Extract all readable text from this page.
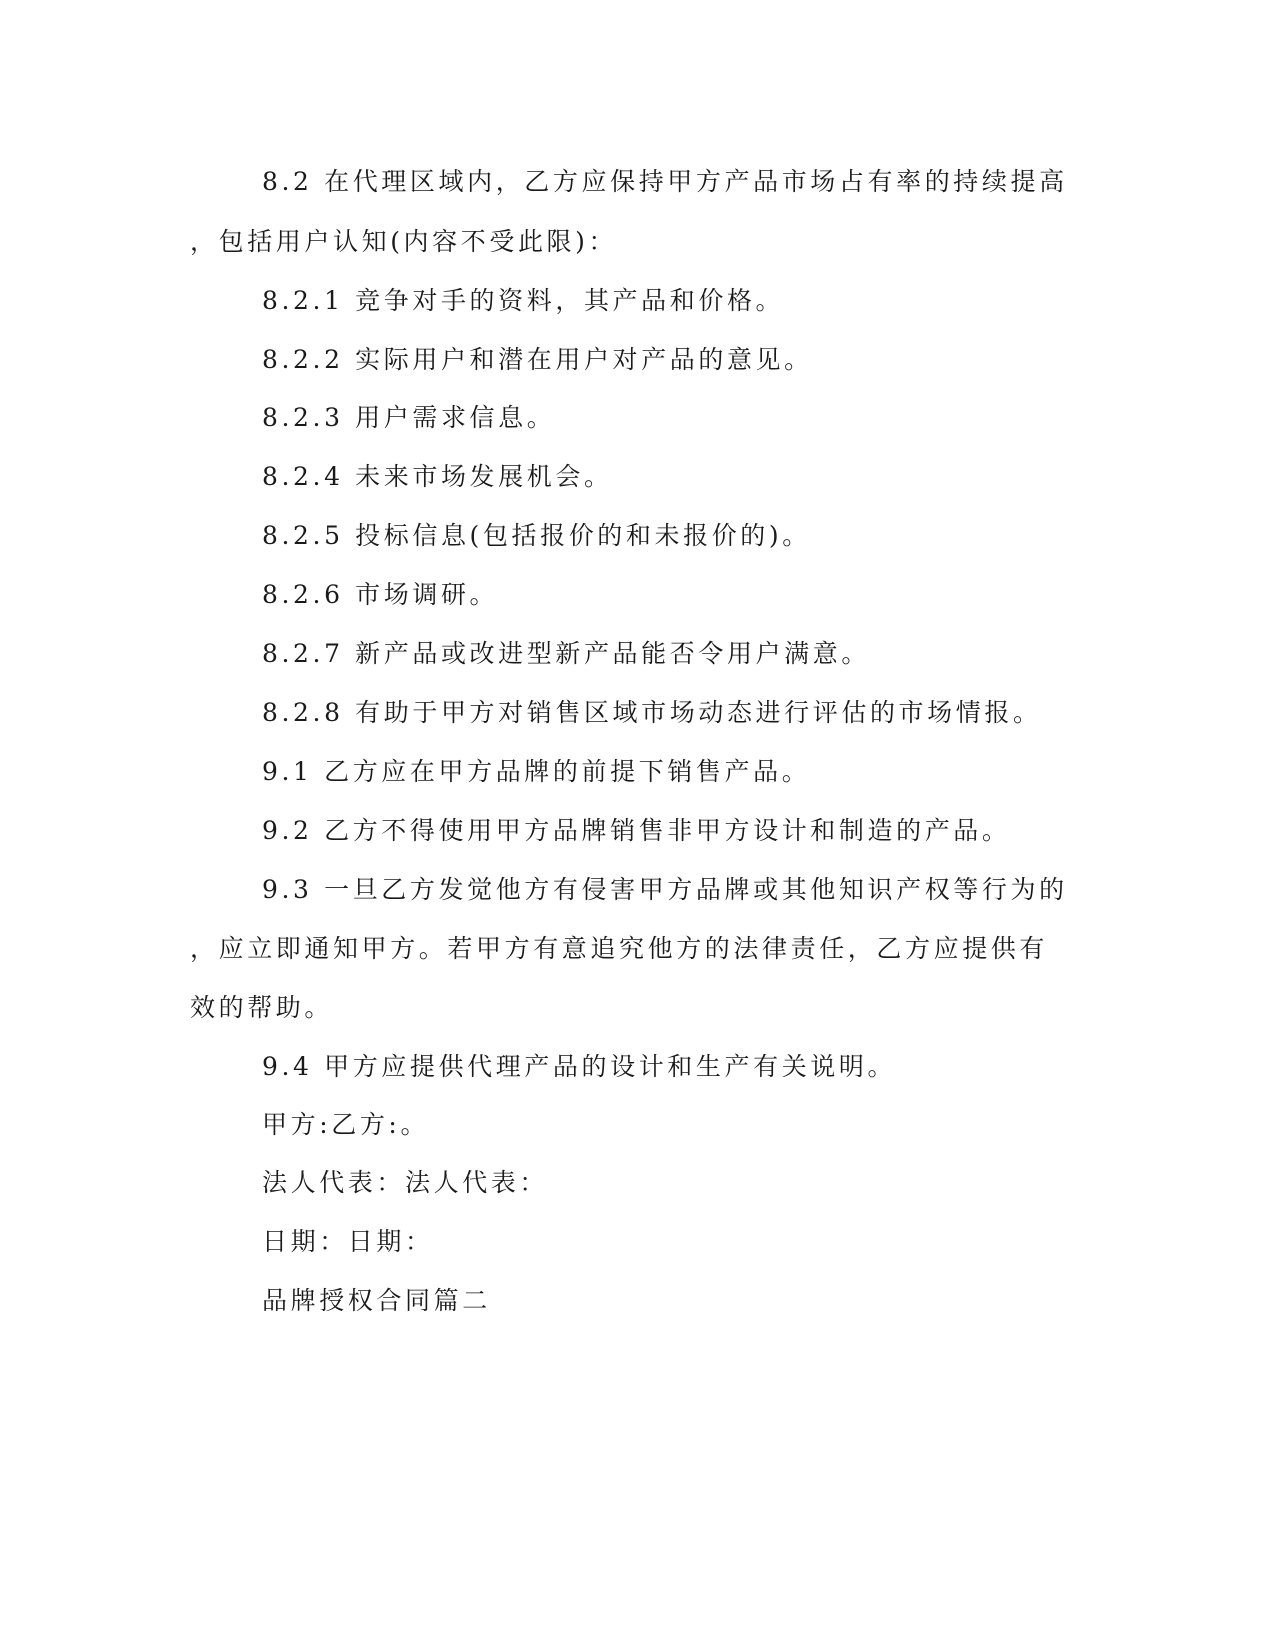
8.2 在代理区域内，乙方应保持甲方产品市场占有率的持续提高

，包括用户认知(内容不受此限)：

8.2.1 竞争对手的资料，其产品和价格。

8.2.2 实际用户和潜在用户对产品的意见。

8.2.3 用户需求信息。

8.2.4 未来市场发展机会。

8.2.5 投标信息(包括报价的和未报价的)。

8.2.6 市场调研。

8.2.7 新产品或改进型新产品能否令用户满意。

8.2.8 有助于甲方对销售区域市场动态进行评估的市场情报。

9.1 乙方应在甲方品牌的前提下销售产品。

9.2 乙方不得使用甲方品牌销售非甲方设计和制造的产品。

9.3 一旦乙方发觉他方有侵害甲方品牌或其他知识产权等行为的

，应立即通知甲方。若甲方有意追究他方的法律责任，乙方应提供有

效的帮助。

9.4 甲方应提供代理产品的设计和生产有关说明。

甲方:乙方:。

法人代表：法人代表：

日期：日期：

品牌授权合同篇二
